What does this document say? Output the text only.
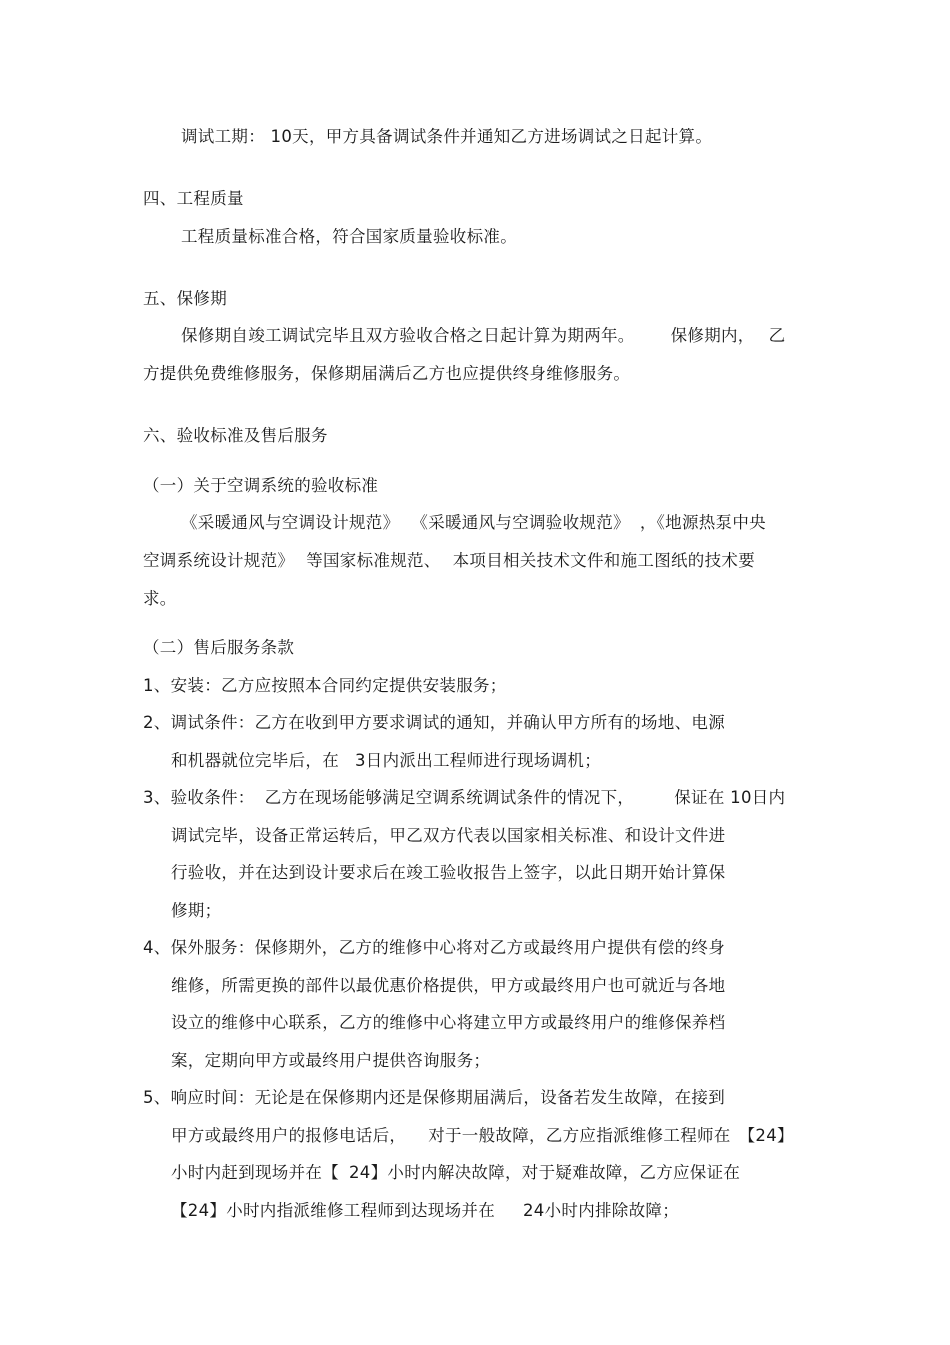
调试工期： 10天，甲方具备调试条件并通知乙方进场调试之日起计算。
四、工程质量
工程质量标准合格，符合国家质量验收标准。
五、保修期
保修期自竣工调试完毕且双方验收合格之日起计算为期两年。 保修期内， 乙
方提供免费维修服务，保修期届满后乙方也应提供终身维修服务。
六、验收标准及售后服务
（一）关于空调系统的验收标准
《采暖通风与空调设计规范》 《采暖通风与空调验收规范》 ，《地源热泵中央
空调系统设计规范》 等国家标准规范、 本项目相关技术文件和施工图纸的技术要
求。
（二）售后服务条款
1、安装：乙方应按照本合同约定提供安装服务；
2、调试条件：乙方在收到甲方要求调试的通知，并确认甲方所有的场地、电源
和机器就位完毕后，在 3日内派出工程师进行现场调机；
3、验收条件： 乙方在现场能够满足空调系统调试条件的情况下， 保证在 10日内
调试完毕，设备正常运转后，甲乙双方代表以国家相关标准、和设计文件进
行验收，并在达到设计要求后在竣工验收报告上签字，以此日期开始计算保
修期；
4、保外服务：保修期外，乙方的维修中心将对乙方或最终用户提供有偿的终身
维修，所需更换的部件以最优惠价格提供，甲方或最终用户也可就近与各地
设立的维修中心联系，乙方的维修中心将建立甲方或最终用户的维修保养档
案，定期向甲方或最终用户提供咨询服务；
5、响应时间：无论是在保修期内还是保修期届满后，设备若发生故障，在接到
甲方或最终用户的报修电话后， 对于一般故障，乙方应指派维修工程师在 【24】
小时内赶到现场并在【 24】小时内解决故障，对于疑难故障，乙方应保证在
【24】小时内指派维修工程师到达现场并在 24小时内排除故障；
